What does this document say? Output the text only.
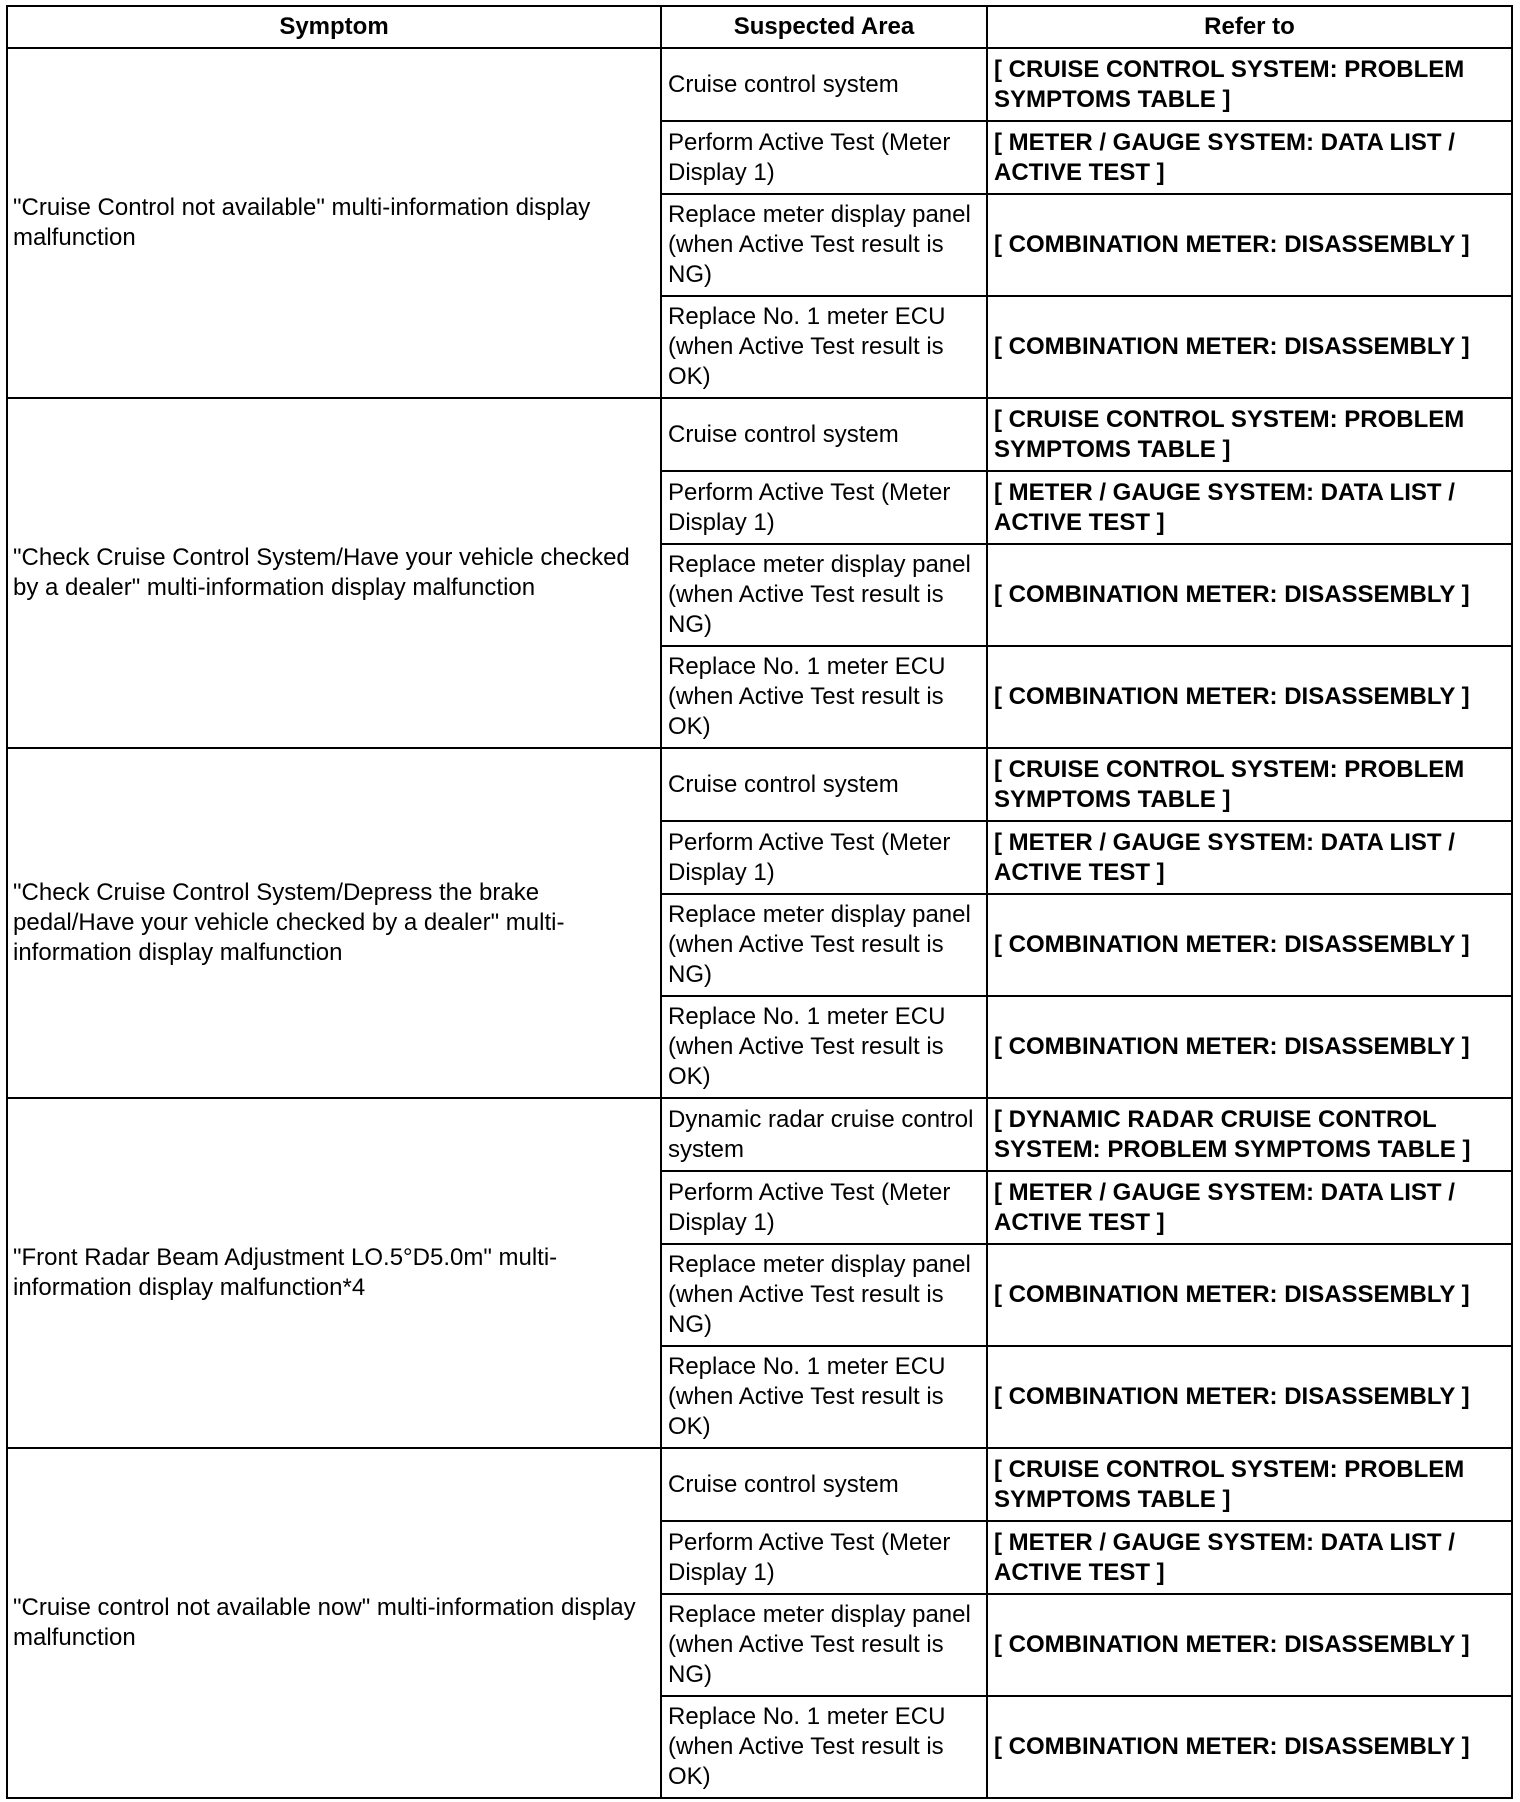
Symptom	Suspected Area	Refer to
"Cruise Control not available" multi-information display malfunction	Cruise control system	[ CRUISE CONTROL SYSTEM: PROBLEM SYMPTOMS TABLE ]
	Perform Active Test (Meter Display 1)	[ METER / GAUGE SYSTEM: DATA LIST / ACTIVE TEST ]
	Replace meter display panel (when Active Test result is NG)	[ COMBINATION METER: DISASSEMBLY ]
	Replace No. 1 meter ECU (when Active Test result is OK)	[ COMBINATION METER: DISASSEMBLY ]
"Check Cruise Control System/Have your vehicle checked by a dealer" multi-information display malfunction	Cruise control system	[ CRUISE CONTROL SYSTEM: PROBLEM SYMPTOMS TABLE ]
	Perform Active Test (Meter Display 1)	[ METER / GAUGE SYSTEM: DATA LIST / ACTIVE TEST ]
	Replace meter display panel (when Active Test result is NG)	[ COMBINATION METER: DISASSEMBLY ]
	Replace No. 1 meter ECU (when Active Test result is OK)	[ COMBINATION METER: DISASSEMBLY ]
"Check Cruise Control System/Depress the brake pedal/Have your vehicle checked by a dealer" multi-information display malfunction	Cruise control system	[ CRUISE CONTROL SYSTEM: PROBLEM SYMPTOMS TABLE ]
	Perform Active Test (Meter Display 1)	[ METER / GAUGE SYSTEM: DATA LIST / ACTIVE TEST ]
	Replace meter display panel (when Active Test result is NG)	[ COMBINATION METER: DISASSEMBLY ]
	Replace No. 1 meter ECU (when Active Test result is OK)	[ COMBINATION METER: DISASSEMBLY ]
"Front Radar Beam Adjustment LO.5°D5.0m" multi-information display malfunction*4	Dynamic radar cruise control system	[ DYNAMIC RADAR CRUISE CONTROL SYSTEM: PROBLEM SYMPTOMS TABLE ]
	Perform Active Test (Meter Display 1)	[ METER / GAUGE SYSTEM: DATA LIST / ACTIVE TEST ]
	Replace meter display panel (when Active Test result is NG)	[ COMBINATION METER: DISASSEMBLY ]
	Replace No. 1 meter ECU (when Active Test result is OK)	[ COMBINATION METER: DISASSEMBLY ]
"Cruise control not available now" multi-information display malfunction	Cruise control system	[ CRUISE CONTROL SYSTEM: PROBLEM SYMPTOMS TABLE ]
	Perform Active Test (Meter Display 1)	[ METER / GAUGE SYSTEM: DATA LIST / ACTIVE TEST ]
	Replace meter display panel (when Active Test result is NG)	[ COMBINATION METER: DISASSEMBLY ]
	Replace No. 1 meter ECU (when Active Test result is OK)	[ COMBINATION METER: DISASSEMBLY ]
